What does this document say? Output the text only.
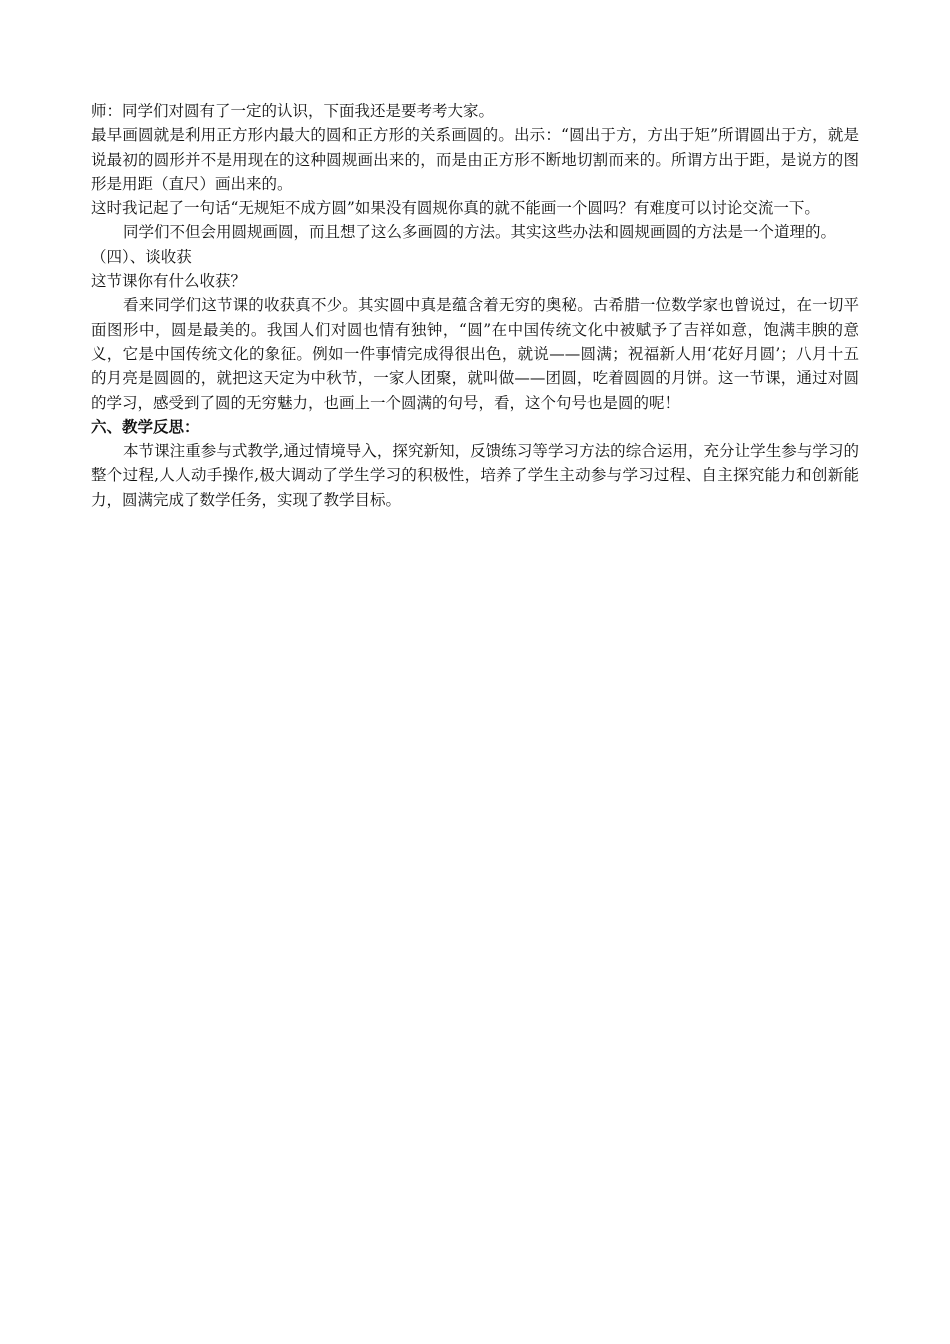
师：同学们对圆有了一定的认识，下面我还是要考考大家。

最早画圆就是利用正方形内最大的圆和正方形的关系画圆的。出示：“圆出于方，方出于矩”所谓圆出于方，就是说最初的圆形并不是用现在的这种圆规画出来的，而是由正方形不断地切割而来的。所谓方出于距，是说方的图形是用距（直尺）画出来的。

这时我记起了一句话“无规矩不成方圆”如果没有圆规你真的就不能画一个圆吗？有难度可以讨论交流一下。

同学们不但会用圆规画圆，而且想了这么多画圆的方法。其实这些办法和圆规画圆的方法是一个道理的。

（四）、谈收获

这节课你有什么收获？

看来同学们这节课的收获真不少。其实圆中真是蕴含着无穷的奥秘。古希腊一位数学家也曾说过，在一切平面图形中，圆是最美的。我国人们对圆也情有独钟，“圆”在中国传统文化中被赋予了吉祥如意，饱满丰腴的意义，它是中国传统文化的象征。例如一件事情完成得很出色，就说——圆满；祝福新人用‘花好月圆’；八月十五的月亮是圆圆的，就把这天定为中秋节，一家人团聚，就叫做——团圆，吃着圆圆的月饼。这一节课，通过对圆的学习，感受到了圆的无穷魅力，也画上一个圆满的句号，看，这个句号也是圆的呢！

六、教学反思：

本节课注重参与式教学,通过情境导入，探究新知，反馈练习等学习方法的综合运用，充分让学生参与学习的整个过程,人人动手操作,极大调动了学生学习的积极性，培养了学生主动参与学习过程、自主探究能力和创新能力，圆满完成了数学任务，实现了教学目标。
